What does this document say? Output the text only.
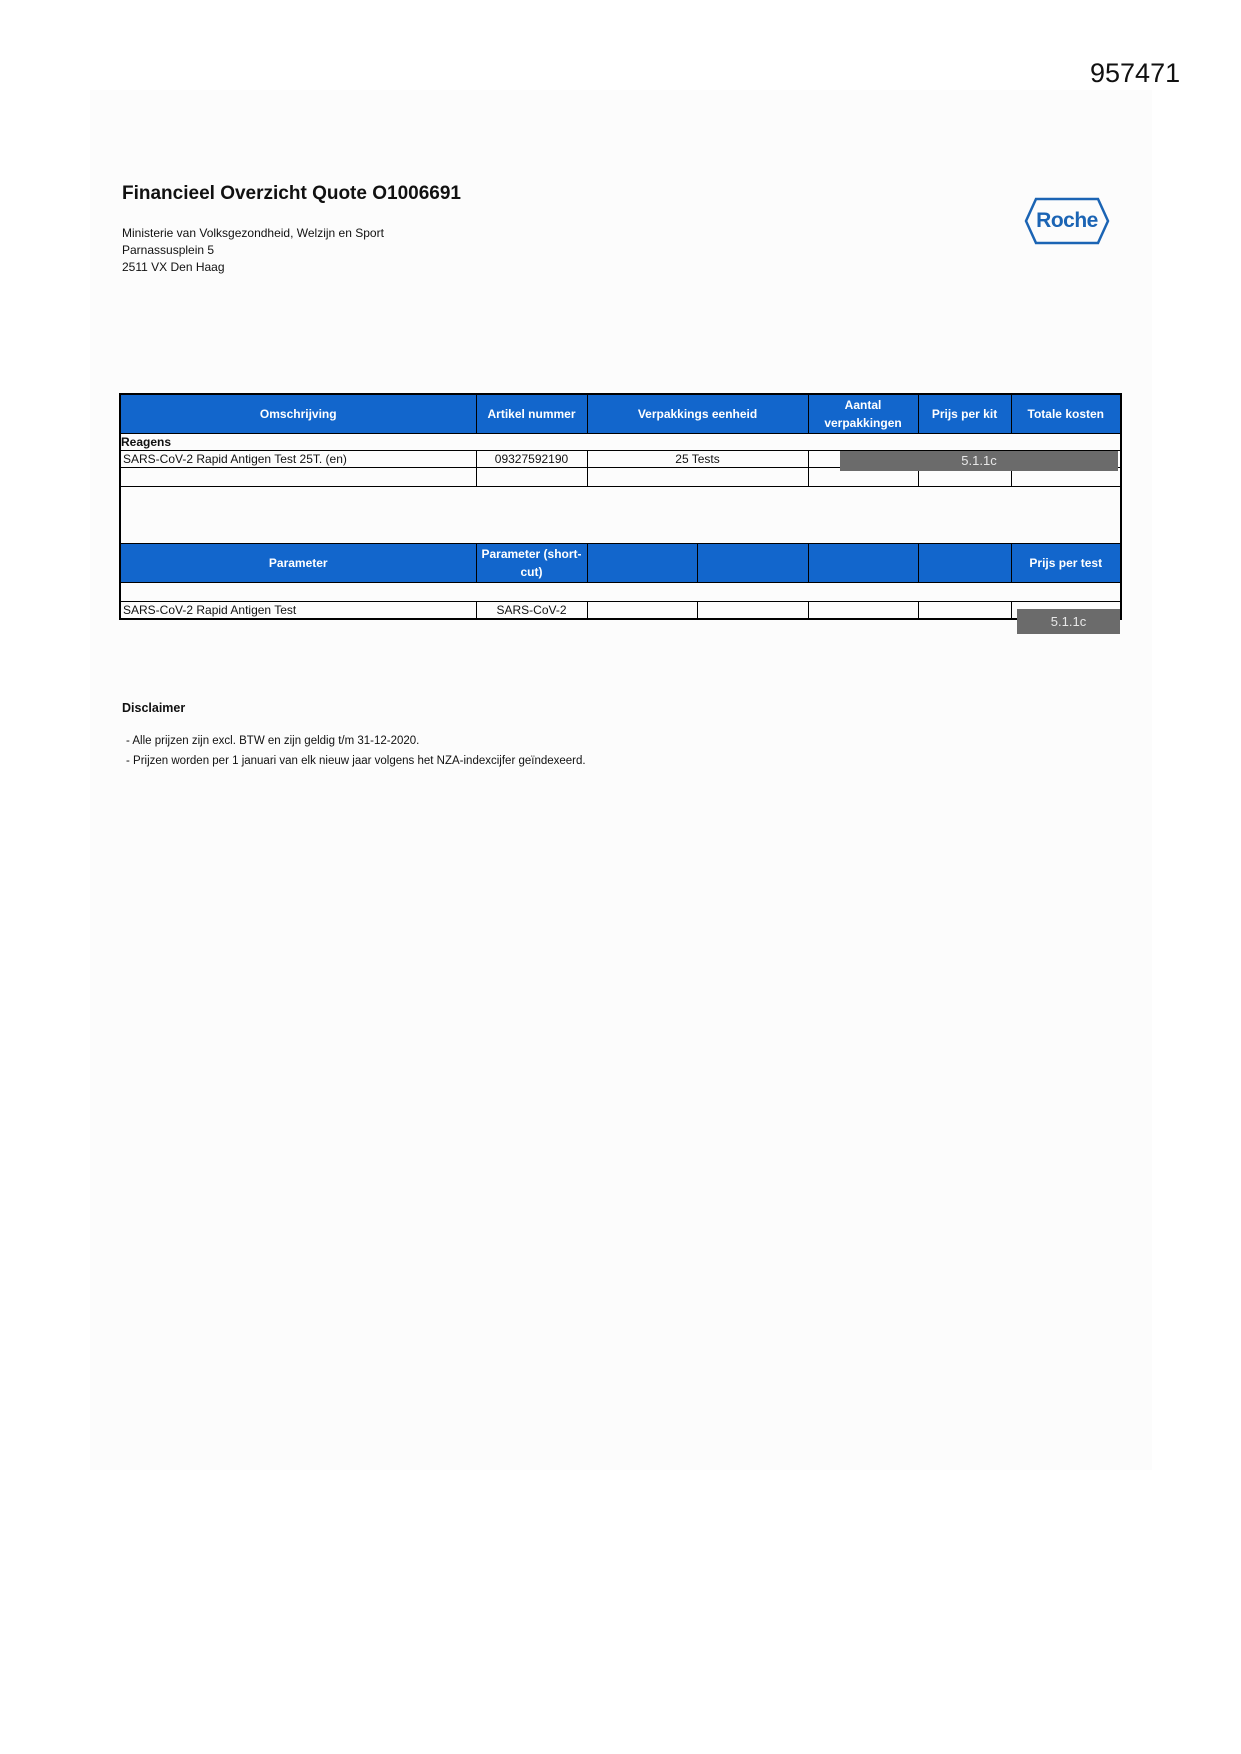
957471
Financieel Overzicht Quote O1006691
Ministerie van Volksgezondheid, Welzijn en Sport
Parnassusplein 5
2511 VX Den Haag
Roche
Omschrijving	Artikel nummer	Verpakkings eenheid		Aantal verpakkingen	Prijs per kit	Totale kosten
Reagens						
SARS-CoV-2 Rapid Antigen Test 25T. (en)	09327592190	25 Tests				

Parameter	Parameter (short-cut)					Prijs per test

SARS-CoV-2 Rapid Antigen Test	SARS-CoV-2					
5.1.1c
5.1.1c
Disclaimer
- Alle prijzen zijn excl. BTW en zijn geldig t/m 31-12-2020.
- Prijzen worden per 1 januari van elk nieuw jaar volgens het NZA-indexcijfer geïndexeerd.
